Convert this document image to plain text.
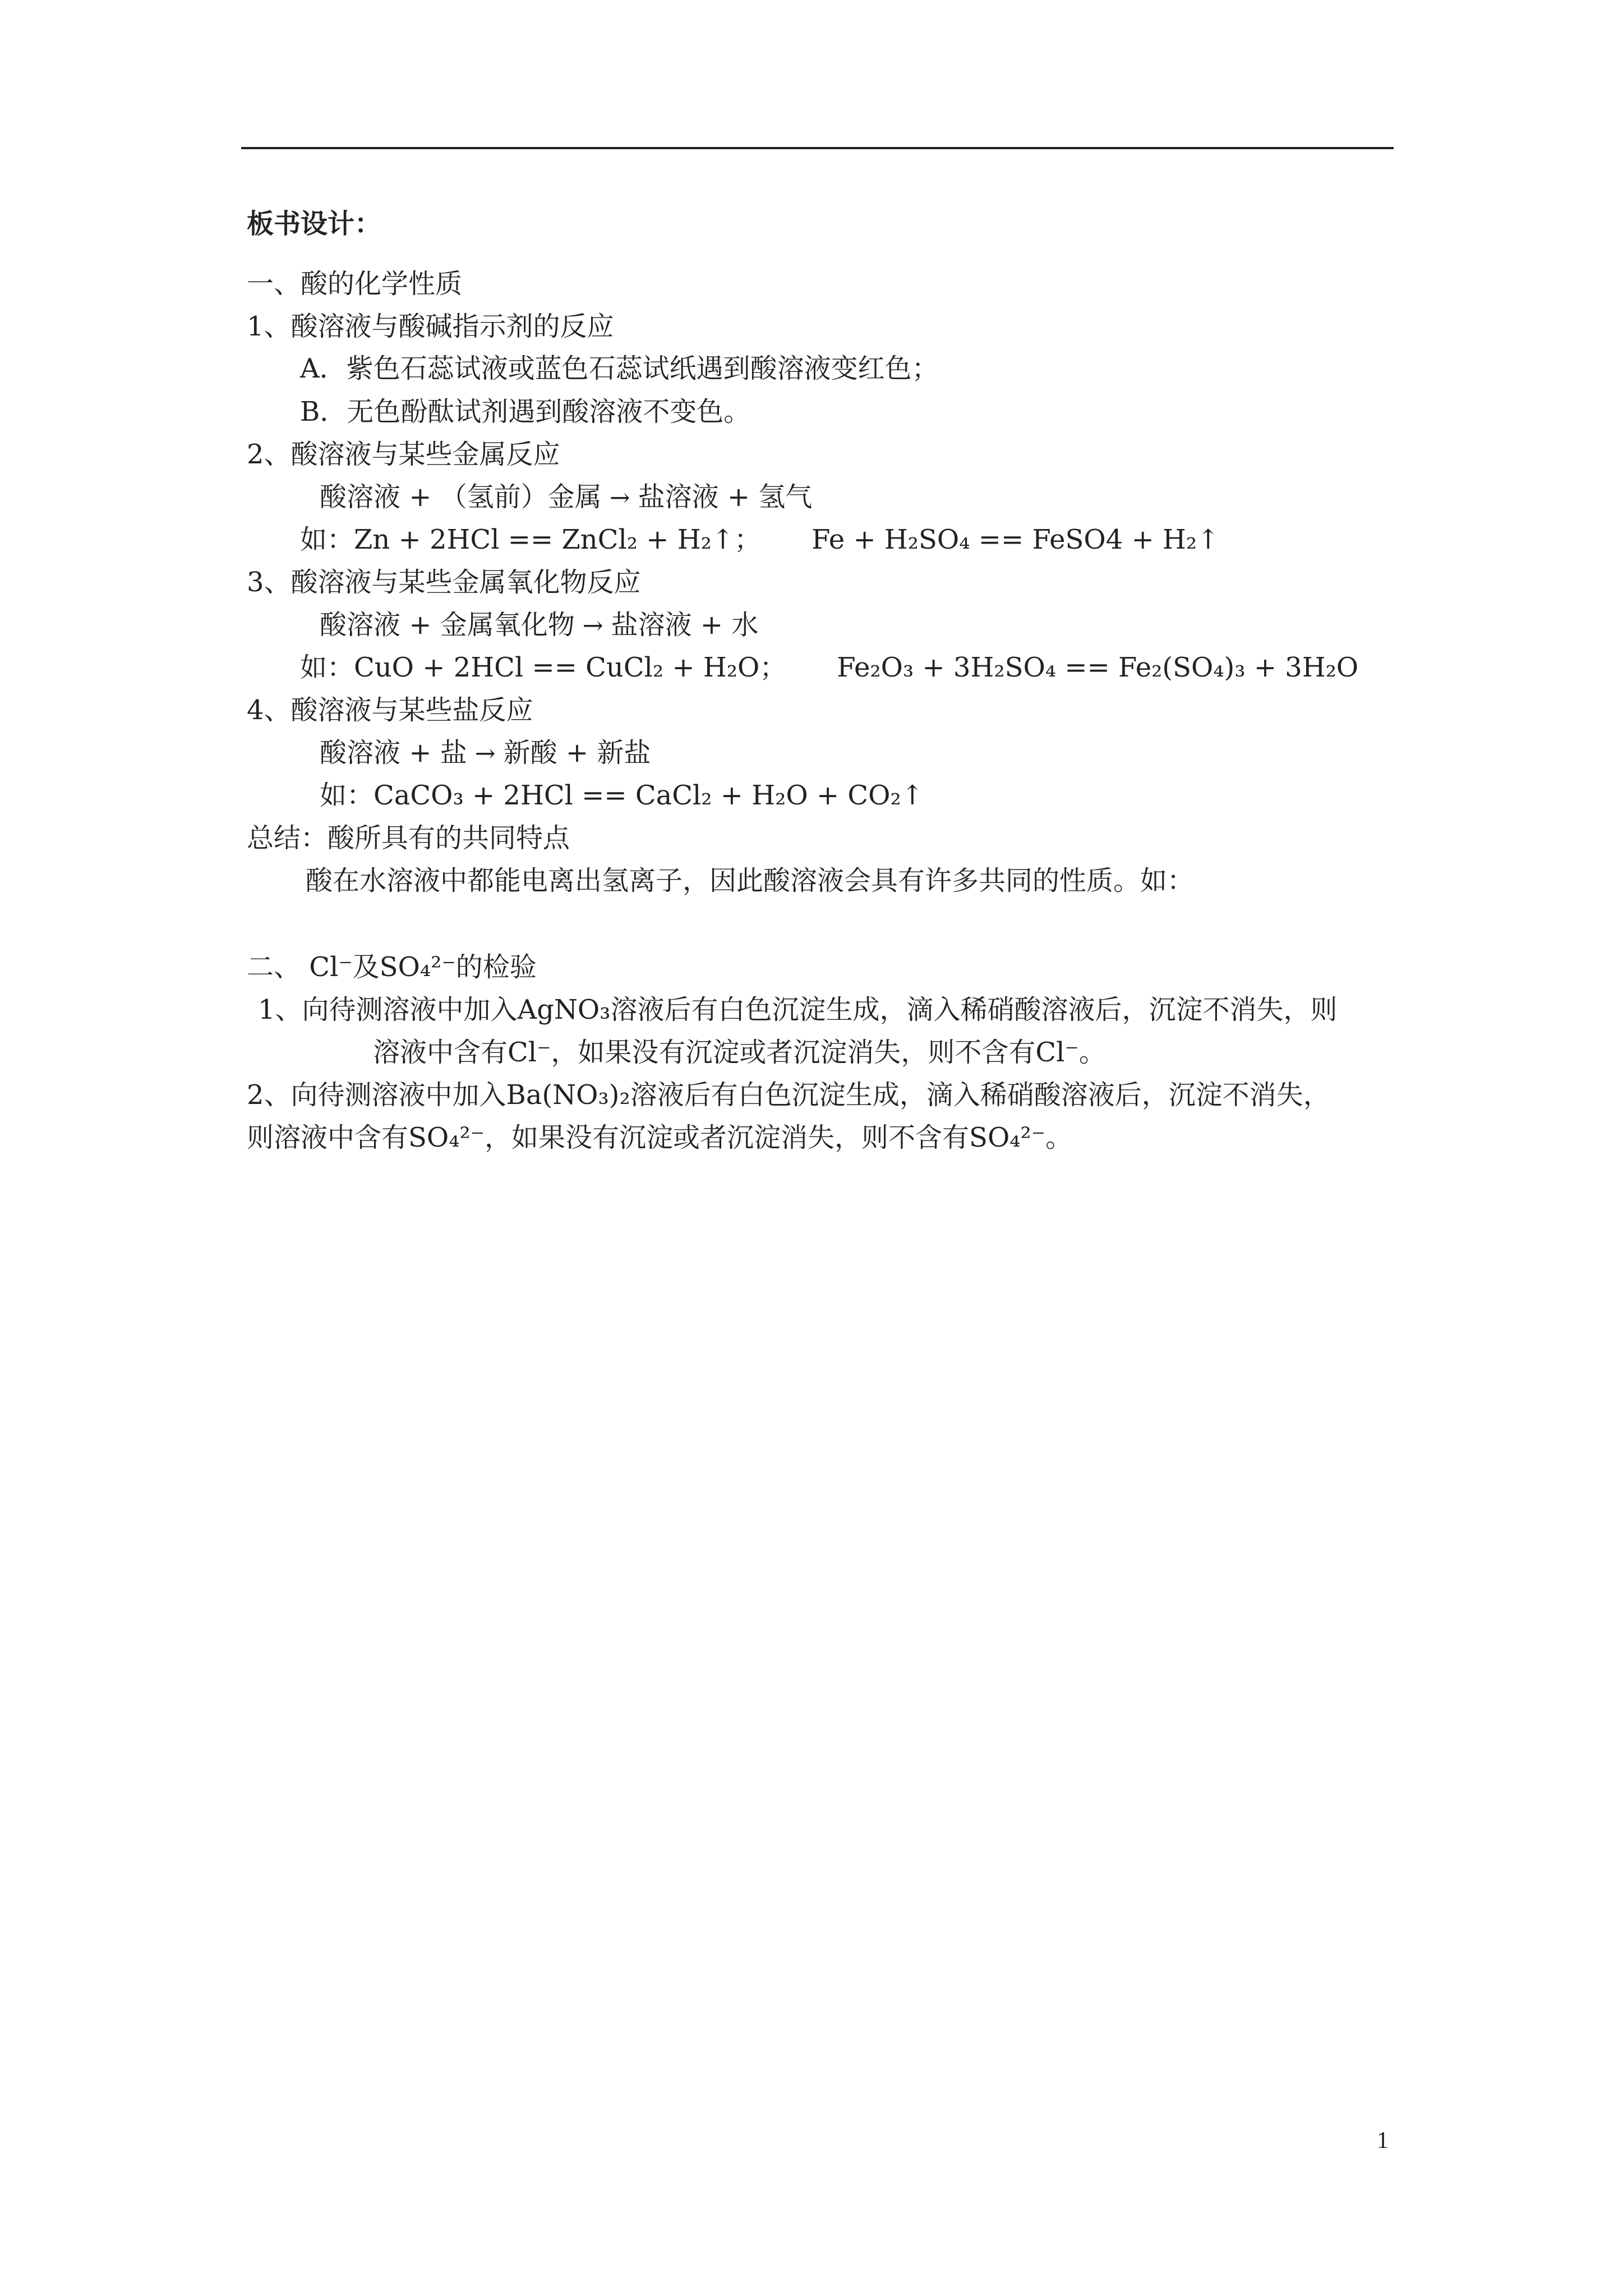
板书设计：
一、酸的化学性质
1、酸溶液与酸碱指示剂的反应
A．紫色石蕊试液或蓝色石蕊试纸遇到酸溶液变红色；
B．无色酚酞试剂遇到酸溶液不变色。
2、酸溶液与某些金属反应
酸溶液 + （氢前）金属 → 盐溶液 + 氢气
如：Zn + 2HCl == ZnCl₂ + H₂↑； Fe + H₂SO₄ == FeSO4 + H₂↑
3、酸溶液与某些金属氧化物反应
酸溶液 + 金属氧化物 → 盐溶液 + 水
如：CuO + 2HCl == CuCl₂ + H₂O； Fe₂O₃ + 3H₂SO₄ == Fe₂(SO₄)₃ + 3H₂O
4、酸溶液与某些盐反应
酸溶液 + 盐 → 新酸 + 新盐
如：CaCO₃ + 2HCl == CaCl₂ + H₂O + CO₂↑
总结：酸所具有的共同特点
酸在水溶液中都能电离出氢离子，因此酸溶液会具有许多共同的性质。如：
二、 Cl⁻及SO₄²⁻的检验
1、向待测溶液中加入AgNO₃溶液后有白色沉淀生成，滴入稀硝酸溶液后，沉淀不消失，则
溶液中含有Cl⁻，如果没有沉淀或者沉淀消失，则不含有Cl⁻。
2、向待测溶液中加入Ba(NO₃)₂溶液后有白色沉淀生成，滴入稀硝酸溶液后，沉淀不消失，
则溶液中含有SO₄²⁻，如果没有沉淀或者沉淀消失，则不含有SO₄²⁻。
1
